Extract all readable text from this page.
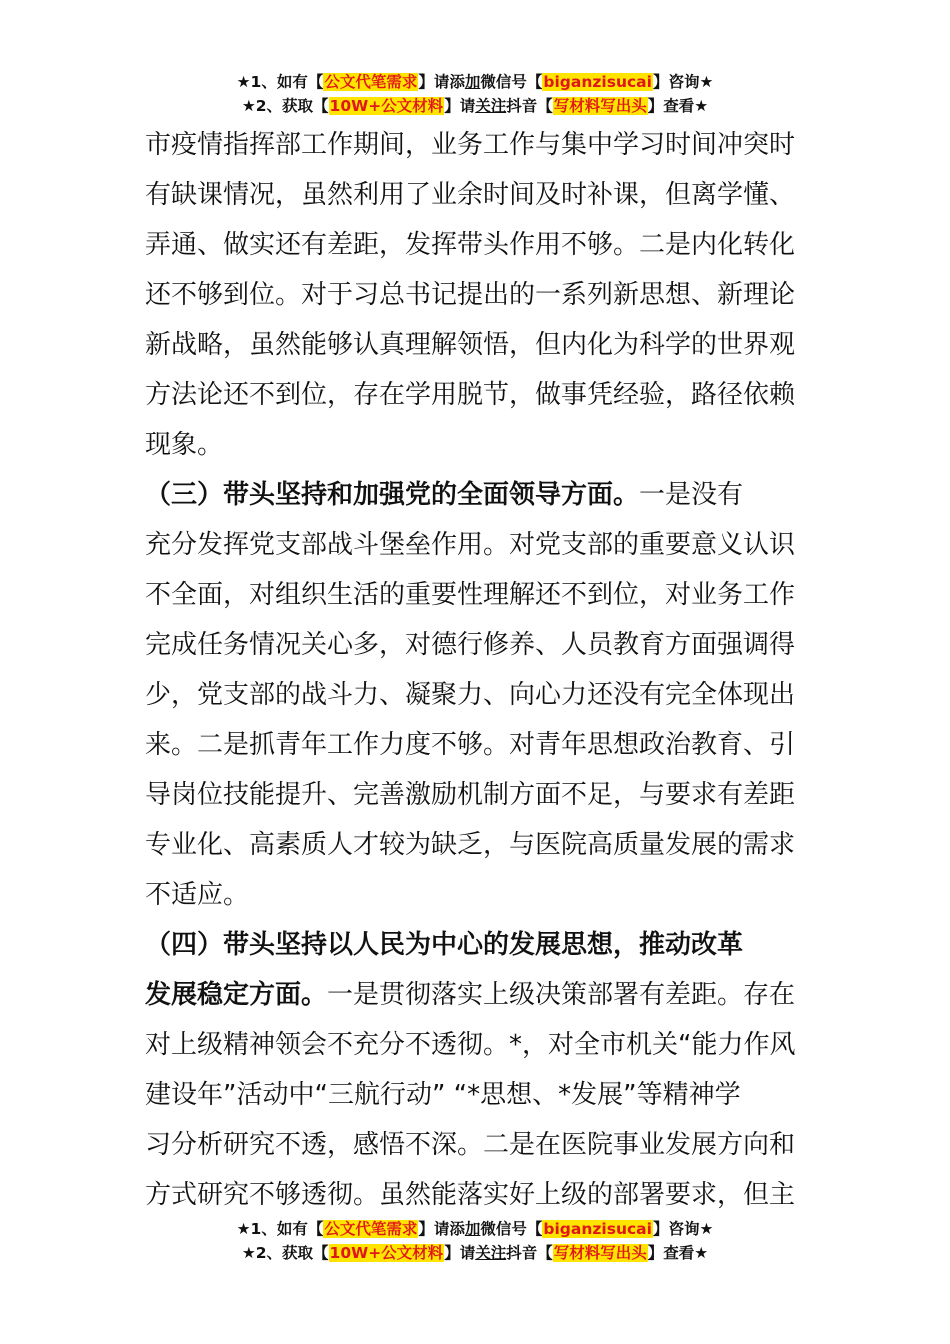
★1、如有【公文代笔需求】请添加微信号【biganzisucai】咨询★
★2、获取【10W+公文材料】请关注抖音【写材料写出头】查看★
市疫情指挥部工作期间，业务工作与集中学习时间冲突时
有缺课情况，虽然利用了业余时间及时补课，但离学懂、
弄通、做实还有差距，发挥带头作用不够。二是内化转化
还不够到位。对于习总书记提出的一系列新思想、新理论
新战略，虽然能够认真理解领悟，但内化为科学的世界观
方法论还不到位，存在学用脱节，做事凭经验，路径依赖
现象。
（三）带头坚持和加强党的全面领导方面。一是没有
充分发挥党支部战斗堡垒作用。对党支部的重要意义认识
不全面，对组织生活的重要性理解还不到位，对业务工作
完成任务情况关心多，对德行修养、人员教育方面强调得
少，党支部的战斗力、凝聚力、向心力还没有完全体现出
来。二是抓青年工作力度不够。对青年思想政治教育、引
导岗位技能提升、完善激励机制方面不足，与要求有差距
专业化、高素质人才较为缺乏，与医院高质量发展的需求
不适应。
（四）带头坚持以人民为中心的发展思想，推动改革
发展稳定方面。一是贯彻落实上级决策部署有差距。存在
对上级精神领会不充分不透彻。*，对全市机关“能力作风
建设年”活动中“三航行动” “*思想、*发展”等精神学
习分析研究不透，感悟不深。二是在医院事业发展方向和
方式研究不够透彻。虽然能落实好上级的部署要求，但主
★1、如有【公文代笔需求】请添加微信号【biganzisucai】咨询★
★2、获取【10W+公文材料】请关注抖音【写材料写出头】查看★
